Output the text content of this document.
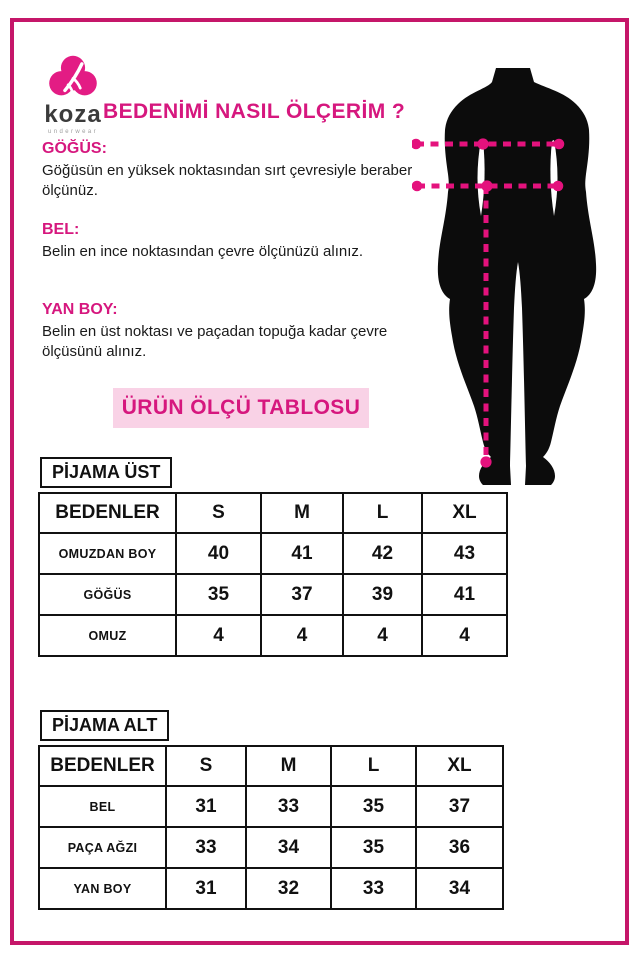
koza
underwear
BEDENİMİ NASIL ÖLÇERİM ?
GÖĞÜS:
Göğüsün en yüksek noktasından sırt çevresiyle beraber ölçünüz.
BEL:
Belin en ince noktasından çevre ölçünüzü alınız.
YAN BOY:
Belin en üst noktası ve paçadan topuğa kadar çevre ölçüsünü alınız.
ÜRÜN ÖLÇÜ TABLOSU
PİJAMA ÜST
BEDENLER	S	M	L	XL
OMUZDAN BOY	40	41	42	43
GÖĞÜS	35	37	39	41
OMUZ	4	4	4	4
PİJAMA ALT
BEDENLER	S	M	L	XL
BEL	31	33	35	37
PAÇA AĞZI	33	34	35	36
YAN BOY	31	32	33	34
